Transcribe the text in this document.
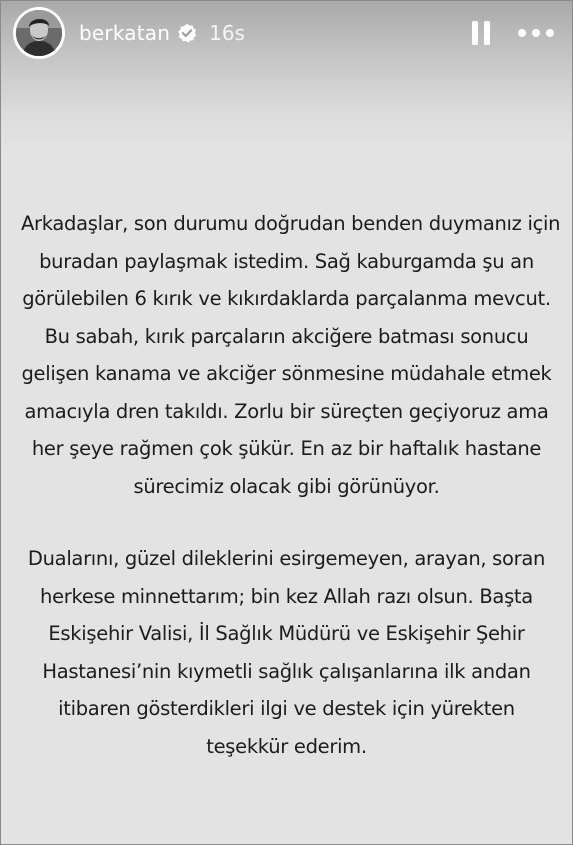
berkatan 16s
Arkadaşlar, son durumu doğrudan benden duymanız için
buradan paylaşmak istedim. Sağ kaburgamda şu an
görülebilen 6 kırık ve kıkırdaklarda parçalanma mevcut.
Bu sabah, kırık parçaların akciğere batması sonucu
gelişen kanama ve akciğer sönmesine müdahale etmek
amacıyla dren takıldı. Zorlu bir süreçten geçiyoruz ama
her şeye rağmen çok şükür. En az bir haftalık hastane
sürecimiz olacak gibi görünüyor.
Dualarını, güzel dileklerini esirgemeyen, arayan, soran
herkese minnettarım; bin kez Allah razı olsun. Başta
Eskişehir Valisi, İl Sağlık Müdürü ve Eskişehir Şehir
Hastanesi’nin kıymetli sağlık çalışanlarına ilk andan
itibaren gösterdikleri ilgi ve destek için yürekten
teşekkür ederim.
